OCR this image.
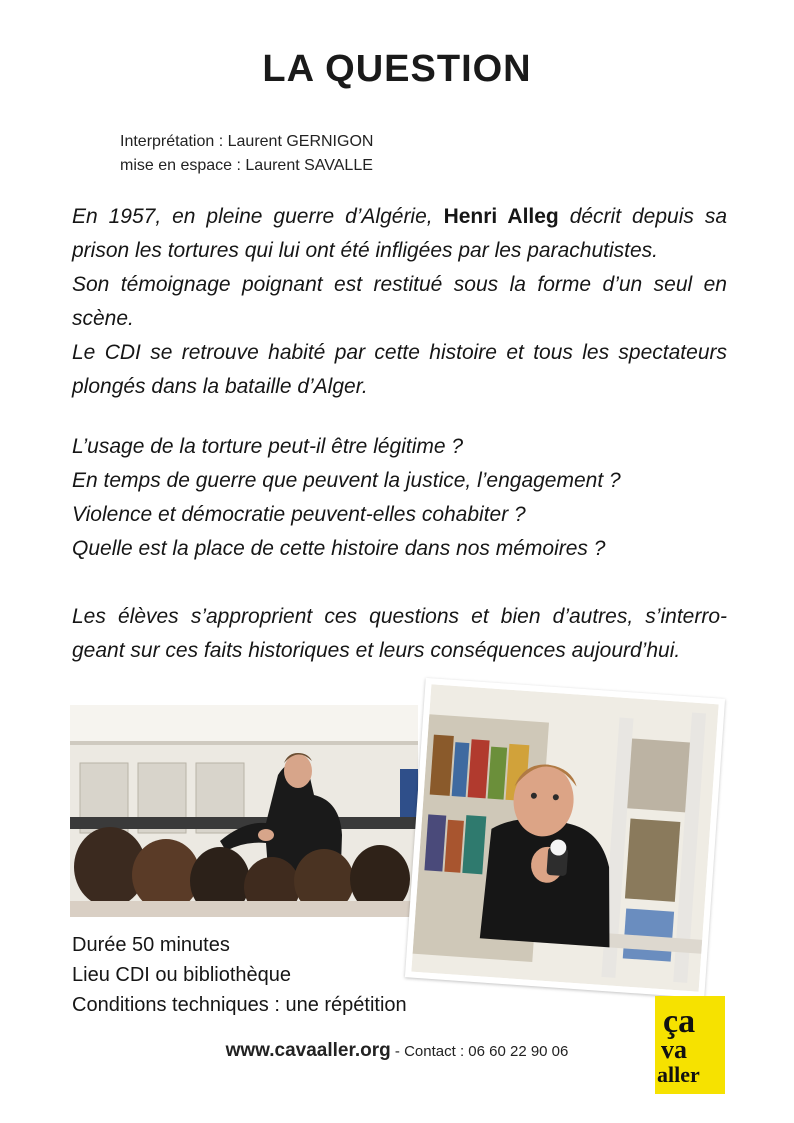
LA QUESTION
Interprétation : Laurent GERNIGON
mise en espace : Laurent SAVALLE

En 1957, en pleine guerre d’Algérie, Henri Alleg décrit depuis sa
prison les tortures qui lui ont été infligées par les parachutistes.
Son témoignage poignant est restitué sous la forme d’un seul en
scène.
Le CDI se retrouve habité par cette histoire et tous les spectateurs
plongés dans la bataille d’Alger.

L’usage de la torture peut-il être légitime ?
En temps de guerre que peuvent la justice, l’engagement ?
Violence et démocratie peuvent-elles cohabiter ?
Quelle est la place de cette histoire dans nos mémoires ?

Les élèves s’approprient ces questions et bien d’autres, s’interro-
geant sur ces faits historiques et leurs conséquences aujourd’hui.

Durée 50 minutes
Lieu CDI ou bibliothèque
Conditions techniques : une répétition
www.cavaaller.org - Contact : 06 60 22 90 06
ça
va
aller
